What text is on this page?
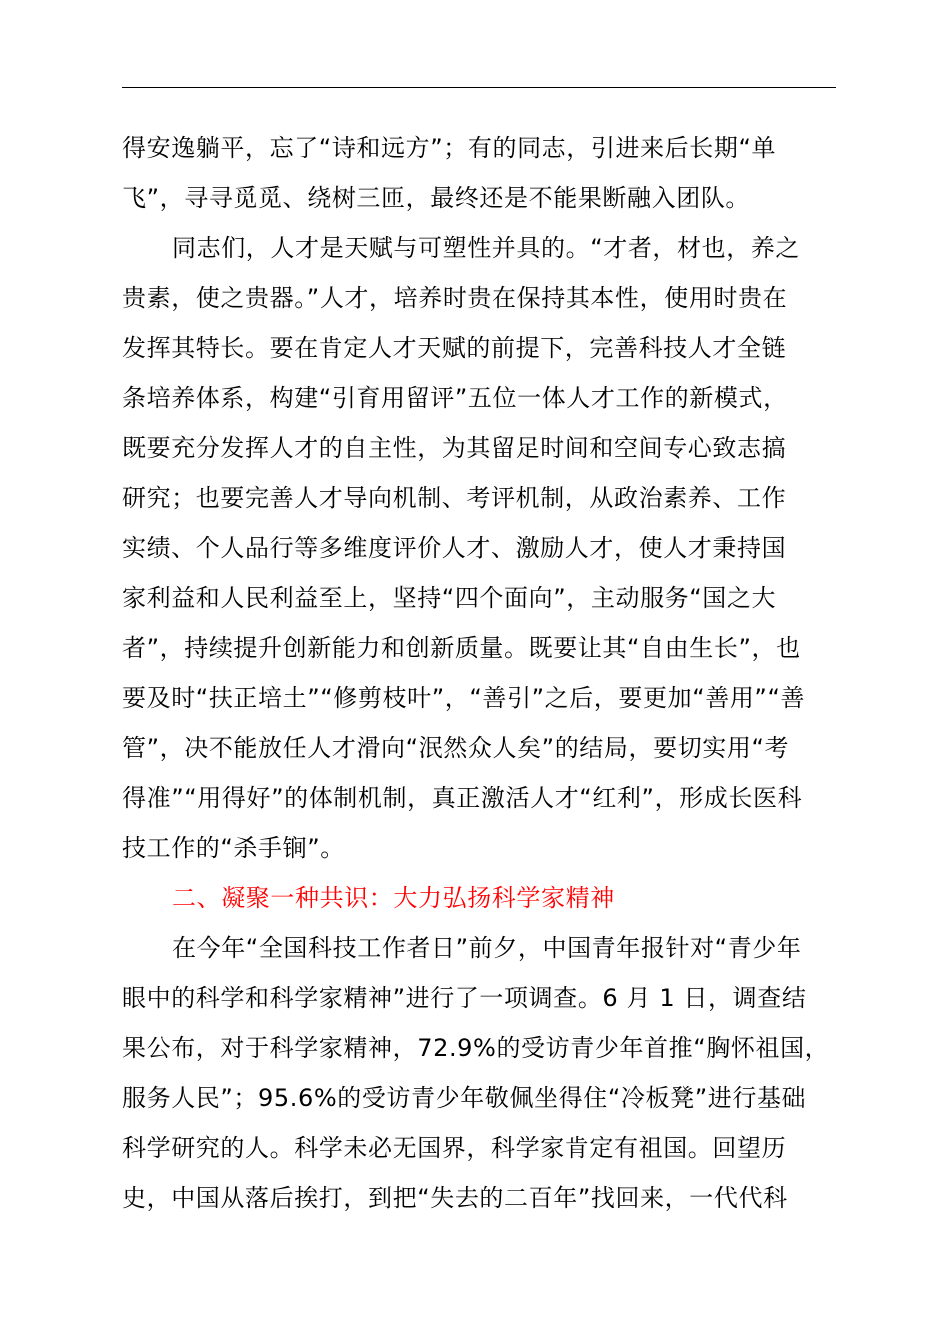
得安逸躺平，忘了“诗和远方”；有的同志，引进来后长期“单
飞”，寻寻觅觅、绕树三匝，最终还是不能果断融入团队。
同志们，人才是天赋与可塑性并具的。“才者，材也，养之
贵素，使之贵器。”人才，培养时贵在保持其本性，使用时贵在
发挥其特长。要在肯定人才天赋的前提下，完善科技人才全链
条培养体系，构建“引育用留评”五位一体人才工作的新模式，
既要充分发挥人才的自主性，为其留足时间和空间专心致志搞
研究；也要完善人才导向机制、考评机制，从政治素养、工作
实绩、个人品行等多维度评价人才、激励人才，使人才秉持国
家利益和人民利益至上，坚持“四个面向”，主动服务“国之大
者”，持续提升创新能力和创新质量。既要让其“自由生长”，也
要及时“扶正培土”“修剪枝叶”，“善引”之后，要更加“善用”“善
管”，决不能放任人才滑向“泯然众人矣”的结局，要切实用“考
得准”“用得好”的体制机制，真正激活人才“红利”，形成长医科
技工作的“杀手锏”。
二、凝聚一种共识：大力弘扬科学家精神
在今年“全国科技工作者日”前夕，中国青年报针对“青少年
眼中的科学和科学家精神”进行了一项调查。6 月 1 日，调查结
果公布，对于科学家精神，72.9%的受访青少年首推“胸怀祖国，
服务人民”；95.6%的受访青少年敬佩坐得住“冷板凳”进行基础
科学研究的人。科学未必无国界，科学家肯定有祖国。回望历
史，中国从落后挨打，到把“失去的二百年”找回来，一代代科
